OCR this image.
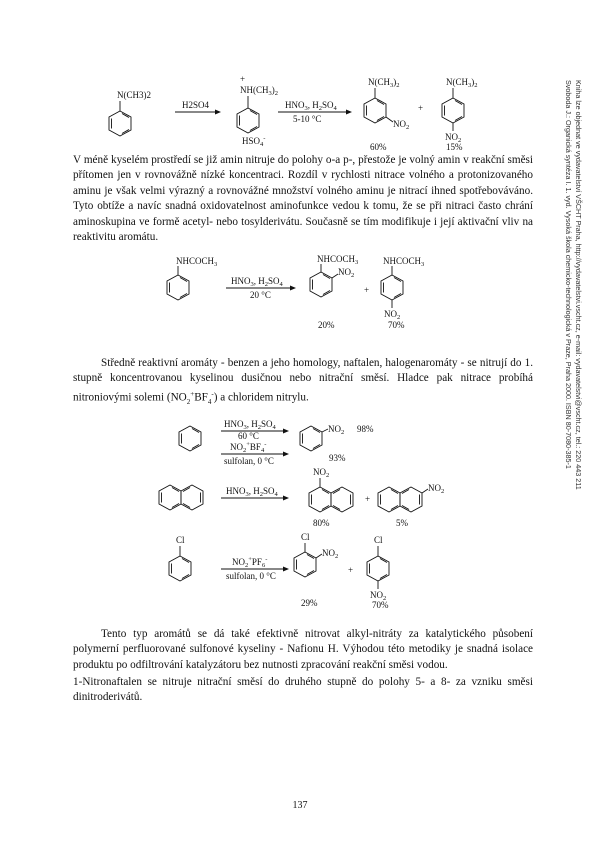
N(CH3)2
H2SO4
+
$NH(CH_3)_2$
$HSO_4^-$
$HNO_3$, $H_2SO_4$
5-10 °C
$N(CH_3)_2$
$NO_2$
60%
+
$N(CH_3)_2$
$NO_2$
15%

V méně kyselém prostředí se již amin nitruje do polohy o-a p-, přestože je volný amin v reakční směsi přítomen jen v rovnovážně nízké koncentraci. Rozdíl v rychlosti nitrace volného a protonizovaného aminu je však velmi výrazný a rovnovážné množství volného aminu je nitrací ihned spotřebováváno. Tyto obtíže a navíc snadná oxidovatelnost aminofunkce vedou k tomu, že se při nitraci často chrání aminoskupina ve formě acetyl- nebo tosylderivátu. Současně se tím modifikuje i její aktivační vliv na reaktivitu aromátu.

$NHCOCH_3$
$HNO_3$, $H_2SO_4$
20 °C
$NHCOCH_3$
$NO_2$
20%
+
$NHCOCH_3$
$NO_2$
70%

Středně reaktivní aromáty - benzen a jeho homology, naftalen, halogenaromáty - se nitrují do 1. stupně koncentrovanou kyselinou dusičnou nebo nitrační směsí. Hladce pak nitrace probíhá nitroniovými solemi $(NO_2^+BF_4^-)$ a chloridem nitrylu.

$HNO_3$, $H_2SO_4$
60 °C
$NO_2^+BF_4^-$
sulfolan, 0 °C
$NO_2$ 98%
93%
$HNO_3$, $H_2SO_4$
$NO_2$
80%
+
$NO_2$
5%
Cl
$NO_2^+PF_6^-$
sulfolan, 0 °C
Cl
$NO_2$
29%
+
Cl
$NO_2$
70%

Tento typ aromátů se dá také efektivně nitrovat alkyl-nitráty za katalytického působení polymerní perfluorované sulfonové kyseliny - Nafionu H. Výhodou této metodiky je snadná isolace produktu po odfiltrování katalyzátoru bez nutnosti zpracování reakční směsi vodou.

1-Nitronaftalen se nitruje nitrační směsí do druhého stupně do polohy 5- a 8- za vzniku směsi dinitroderivátů.

Svoboda J.: Organická syntéza I. 1. vyd. Vysoká škola chemicko-technologická v Praze, Praha 2000. ISBN 80-7080-385-1 Kniha lze objednat ve vydavatelství VŠCHT Praha, http://vydavatelstvi.vscht.cz, e-mail: vydavatelstvi@vscht.cz, tel.: 220 443 211
137
